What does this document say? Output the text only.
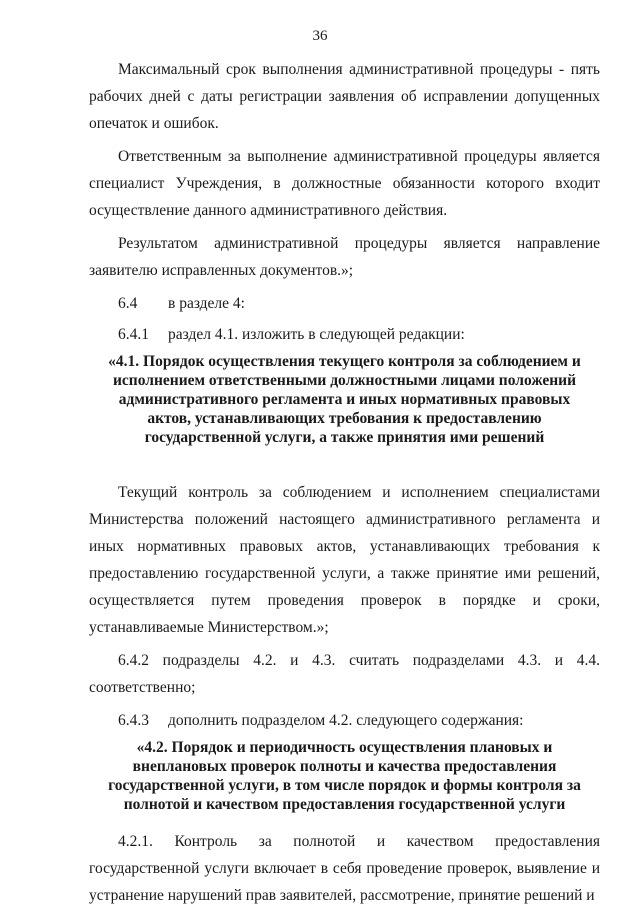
36

Максимальный срок выполнения административной процедуры - пять рабочих дней с даты регистрации заявления об исправлении допущенных опечаток и ошибок.

Ответственным за выполнение административной процедуры является специалист Учреждения, в должностные обязанности которого входит осуществление данного административного действия.

Результатом административной процедуры является направление заявителю исправленных документов.»;

6.4 в разделе 4:
6.4.1 раздел 4.1. изложить в следующей редакции:
«4.1. Порядок осуществления текущего контроля за соблюдением и исполнением ответственными должностными лицами положений административного регламента и иных нормативных правовых актов, устанавливающих требования к предоставлению государственной услуги, а также принятия ими решений

Текущий контроль за соблюдением и исполнением специалистами Министерства положений настоящего административного регламента и иных нормативных правовых актов, устанавливающих требования к предоставлению государственной услуги, а также принятие ими решений, осуществляется путем проведения проверок в порядке и сроки, устанавливаемые Министерством.»;

6.4.2 подразделы 4.2. и 4.3. считать подразделами 4.3. и 4.4. соответственно;

6.4.3 дополнить подразделом 4.2. следующего содержания:
«4.2. Порядок и периодичность осуществления плановых и внеплановых проверок полноты и качества предоставления государственной услуги, в том числе порядок и формы контроля за полнотой и качеством предоставления государственной услуги

4.2.1. Контроль за полнотой и качеством предоставления государственной услуги включает в себя проведение проверок, выявление и устранение нарушений прав заявителей, рассмотрение, принятие решений и
